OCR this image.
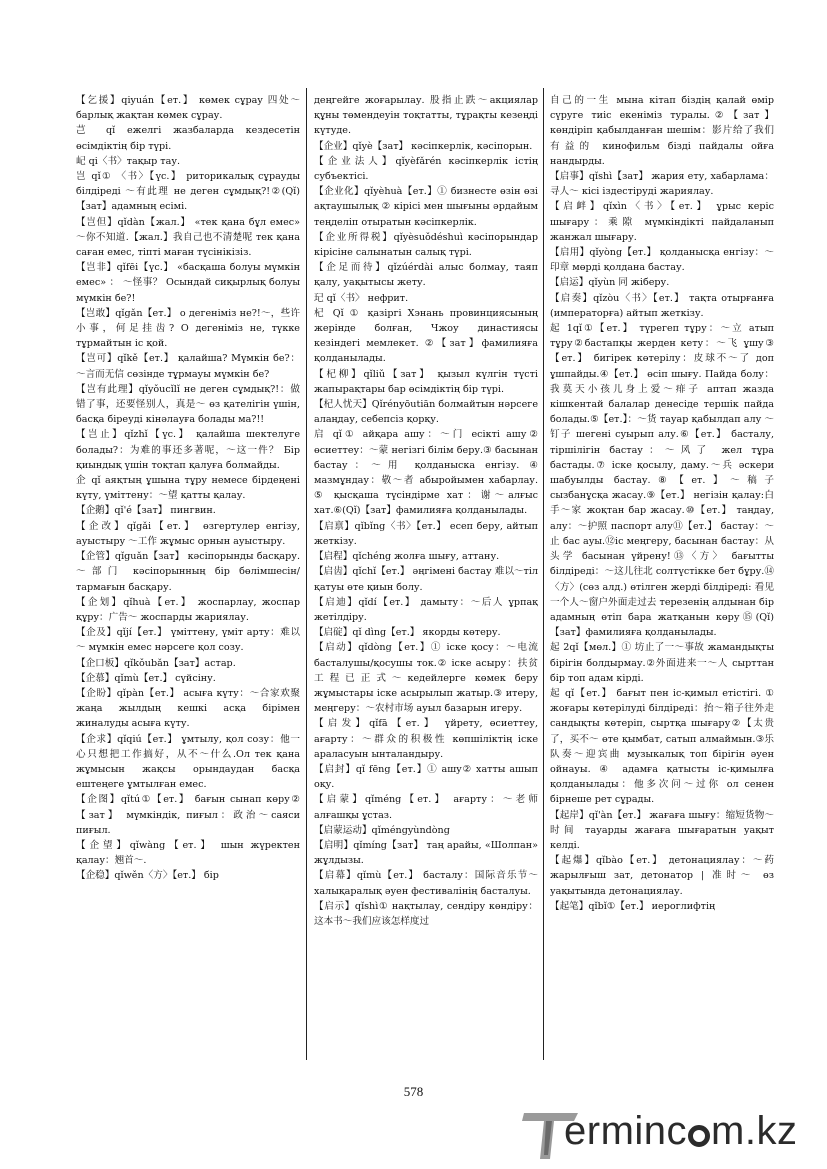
【乞援】qiyuán【ет.】 көмек сұрау 四处～барлық жақтан көмек сұрау.

芑 qǐ ежелгі жазбаларда кездесетін өсімдіктің бір түрі.

屺 qi〈书〉тақыр тау.

岂 qǐ① 〈书〉【үс.】 риторикалық сұрауды білдіреді ～有此理 не деген сұмдық?!②(Qǐ)【зат】адамның есімі.

【岂但】qǐdàn【жал.】 «тек қана бұл емес» ～你不知道.【жал.】我自己也不清楚呢 тек қана саған емес, тіпті маған түсінікізіз.

【岂非】qǐfēi【үс.】 «басқаша болуы мүмкін емес» ： ～怪事？ Осындай сиқырлық болуы мүмкін бе?!

【岂敢】qǐgǎn【ет.】 о дегеніміз не?!～，些许小事，何足挂齿? О дегеніміз не, түкке тұрмайтын іс қой.

【岂可】qǐkě【ет.】 қалайша? Мүмкін бе?：～言而无信 сөзінде тұрмауы мүмкін бе?

【岂有此理】qǐyǒucǐlǐ не деген сұмдық?!：做错了事，还要怪别人，真是～ өз қателігін үшін, басқа біреуді кінәлауға болады ма?!!

【岂止】qǐzhǐ【үс.】 қалайша шектелуге болады?：为难的事还多著呢，～这一件？ Бір қиындық үшін тоқтап қалуға болмайды.

企 qǐ аяқтың ұшына тұру немесе бірдеңені күту, үміттену：～望 қатты қалау.

【企鹅】qǐ'é【зат】 пингвин.

【企改】qǐgǎi【ет.】 өзгертулер енгізу, ауыстыру ～工作 жұмыс орнын ауыстыру.

【企管】qǐguǎn【зат】 кәсіпорынды басқару. ～部门 кәсіпорынның бір бөлімшесін/тармағын басқару.

【企划】qǐhuà【ет.】 жоспарлау, жоспар құру：广告～ жоспарды жариялау.

【企及】qǐjí【ет.】 үміттену, үміт арту：难以～ мүмкін емес нәрсеге қол созу.

【企口板】qǐkǒubǎn【зат】астар.

【企慕】qǐmù【ет.】 сүйсіну.

【企盼】qǐpàn【ет.】 асыға күту：～合家欢聚 жаңа жылдың кешкі асқа бірімен жиналуды асыға күту.

【企求】qǐqiú【ет.】 ұмтылу, қол созу：他一心只想把工作搞好，从不～什么.Ол тек қана жұмысын жақсы орындаудан басқа ештеңеге ұмтылған емес.

【企图】qǐtú①【ет.】 бағын сынап көру②【зат】 мүмкіндік, пиғыл：政治～саяси пиғыл.

【企望】qǐwàng【ет.】 шын жүректен қалау：翘首～.

【企稳】qǐwěn〈方〉【ет.】 бір

деңгейге жоғарылау. 股指止跌～акциялар құны төмендеуін тоқтатты, тұрақты кезеңді күтуде.

【企业】qǐyè【зат】 кәсіпкерлік, кәсіпорын.

【企业法人】qǐyèfǎrén кәсіпкерлік істің субъектісі.

【企业化】qǐyèhuà【ет.】① бизнесте өзін өзі ақтаушылық ② кірісі мен шығыны әрдайым теңделіп отыратын кәсіпкерлік.

【企业所得税】qǐyèsuǒdéshuì кәсіпорындар кірісіне салынатын салық түрі.

【企足而待】qǐzúérdài алыс болмау, таяп қалу, уақытысы жету.

玘 qǐ〈书〉 нефрит.

杞 Qǐ ① қазіргі Хэнань провинциясының жерінде болған, Чжоу династиясы кезіндегі мемлекет. ②【зат】фамилияға қолданылады.

【杞柳】qǐliǔ【зат】 қызыл күлгін түсті жапырақтары бар өсімдіктің бір түрі.

【杞人忧天】Qǐrényōutiān болмайтын нәрсеге алаңдау, себепсіз қорқу.

启 qǐ① айқара ашу：～门 есікті ашу② өсиеттеу：～蒙 негізгі білім беру.③ басынан бастау：～用 қолданыска енгізу. ④ мазмұндау：敬～者 абыройымен хабарлау. ⑤ қысқаша түсіндірме хат：谢～алғыс хат.⑥(Qǐ)【зат】фамилияға қолданылады.

【启禀】qǐbǐng〈书〉【ет.】 есеп беру, айтып жеткізу.

【启程】qǐchéng жолға шығу, аттану.

【启齿】qǐchǐ【ет.】 әңгімені бастау 难以～тіл қатуы өте қиын болу.

【启迪】qǐdí【ет.】 дамыту：～后人 ұрпақ жетілдіру.

【启碇】qǐ dìng【ет.】 якорды көтеру.

【启动】qǐdòng【ет.】① іске қосу：～电流 басталушы/қосушы ток.② іске асыру：扶贫工程已正式～кедейлерге көмек беру жұмыстары іске асырылып жатыр.③ итеру, меңгеру：～农村市场 ауыл базарын игеру.

【启发】qǐfā【ет.】 үйрету, өсиеттеу, ағарту：～群众的积极性 көпшіліктің іске араласуын ынталандыру.

【启封】qǐ fēng【ет.】① ашу② хатты ашып оқу.

【启蒙】qǐméng【ет.】 ағарту：～老师 алғашқы ұстаз.

【启蒙运动】qǐméngyùndòng

【启明】qǐmíng【зат】 таң арайы, «Шолпан» жұлдызы.

【启幕】qǐmù【ет.】 басталу：国际音乐节～халықаралық әуен фестивалінің басталуы.

【启示】qǐshì① нақтылау, сендіру көндіру：这本书～我们应该怎样度过

自己的一生 мына кітап біздің қалай өмір сүруге тиіс екеніміз туралы.②【зат】 көндіріп қабылданған шешім：影片给了我们有益的 кинофильм бізді пайдалы ойға нандырды.

【启事】qǐshì【зат】 жария ету, хабарлама：寻人～ кісі іздестіруді жариялау.

【启衅】qǐxìn〈书〉【ет.】 ұрыс керіс шығару：乘隙 мүмкіндікті пайдаланып жанжал шығару.

【启用】qǐyòng【ет.】 қолданысқа енгізу：～印章 мөрді қолдана бастау.

【启运】qǐyùn 同 жіберу.

【启奏】qǐzòu〈书〉【ет.】 тақта отырғанға (императорға) айтып жеткізу.

起 1qǐ①【ет.】 түрегеп тұру：～立 атып тұру②бастапқы жерден кету：～飞 ұшу③【ет.】 бигірек көтерілу：皮球不～了 доп ұшпайды.④【ет.】 өсіп шығу. Пайда болу：我莫天小孩儿身上爱～痱子 аптап жазда кішкентай балалар денесіде тершік пайда болады.⑤【ет.】：～货 тауар қабылдап алу ～钉子 шегені суырып алу.⑥【ет.】 басталу, тіршілігін бастау：～风了 жел тұра бастады.⑦ іске қосылу, даму.～兵 әскери шабуылды бастау.⑧【ет.】～稿子 сызбанұсқа жасау.⑨【ет.】 негізін қалау:白手～家 жоқтан бар жасау.⑩【ет.】 таңдау, алу：～护照 паспорт алу⑪【ет.】 бастау：～止 бас ауы.⑫іс меңгеру, басынан бастау：从头学 басынан үйрену!⑬〈方〉 бағытты білдіреді：～这儿往北 солтүстікке бет бұру.⑭〈方〉(сөз алд.) өтілген жерді білдіреді: 看见一个人～窗户外面走过去 терезенің алдынан бір адамның өтіп бара жатқанын көру⑮(Qǐ)【зат】фамилияға қолданылады.

起 2qǐ【мөл.】① 坊止了一～事故 жамандықты бірігін болдырмау.②外面进来一～人 сырттан бір топ адам кірді.

起 qǐ【ет.】 бағыт пен іс-қимыл етістігі. ① жоғары көтерілуді білдіреді：抬～箱子往外走 сандықты көтеріп, сыртқа шығару②【太贵了，买不～ өте қымбат, сатып алмаймын.③乐队奏～迎宾曲 музыкалық топ бірігін әуен ойнауы. ④ адамға қатысты іс-қимылға қолданылады：他多次问～过你 ол сенен бірнеше рет сұрады.

【起岸】qǐ'àn【ет.】 жағаға шығу：缩短货物～时间 тауарды жағаға шығаратын уақыт келді.

【起爆】qǐbào【ет.】 детонациялау：～药 жарылғыш зат, детонатор | 准时～ өз уақытында детонациялау.

【起笔】qǐbǐ①【ет.】 иероглифтің

578
erminc m.kz
